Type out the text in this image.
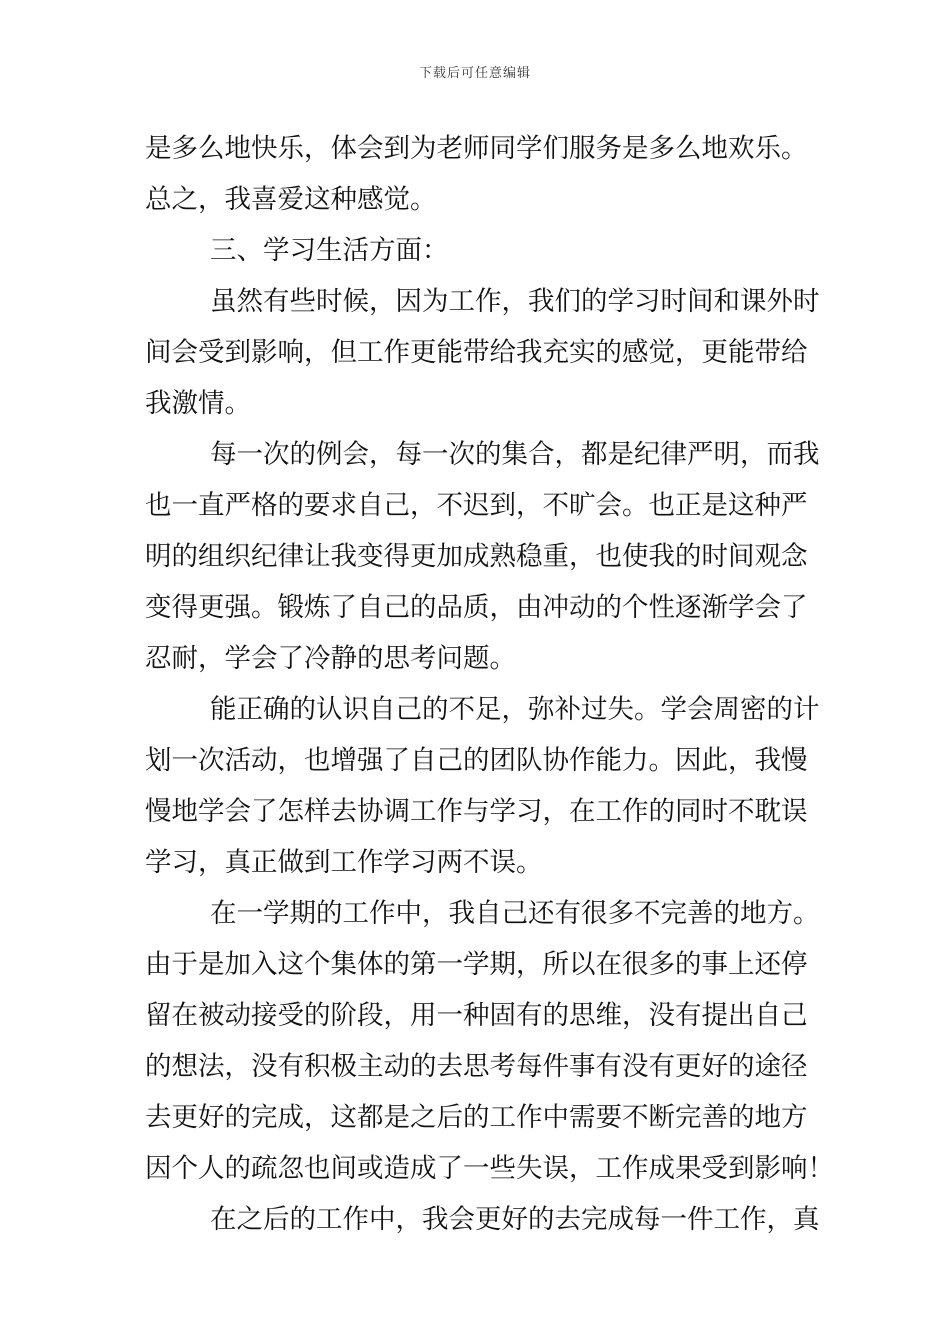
下载后可任意编辑
是多么地快乐，体会到为老师同学们服务是多么地欢乐。
总之，我喜爱这种感觉。
三、学习生活方面：
虽然有些时候，因为工作，我们的学习时间和课外时
间会受到影响，但工作更能带给我充实的感觉，更能带给
我激情。
每一次的例会，每一次的集合，都是纪律严明，而我
也一直严格的要求自己，不迟到，不旷会。也正是这种严
明的组织纪律让我变得更加成熟稳重，也使我的时间观念
变得更强。锻炼了自己的品质，由冲动的个性逐渐学会了
忍耐，学会了冷静的思考问题。
能正确的认识自己的不足，弥补过失。学会周密的计
划一次活动，也增强了自己的团队协作能力。因此，我慢
慢地学会了怎样去协调工作与学习，在工作的同时不耽误
学习，真正做到工作学习两不误。
在一学期的工作中，我自己还有很多不完善的地方。
由于是加入这个集体的第一学期，所以在很多的事上还停
留在被动接受的阶段，用一种固有的思维，没有提出自己
的想法，没有积极主动的去思考每件事有没有更好的途径
去更好的完成，这都是之后的工作中需要不断完善的地方
因个人的疏忽也间或造成了一些失误，工作成果受到影响！
在之后的工作中，我会更好的去完成每一件工作，真
